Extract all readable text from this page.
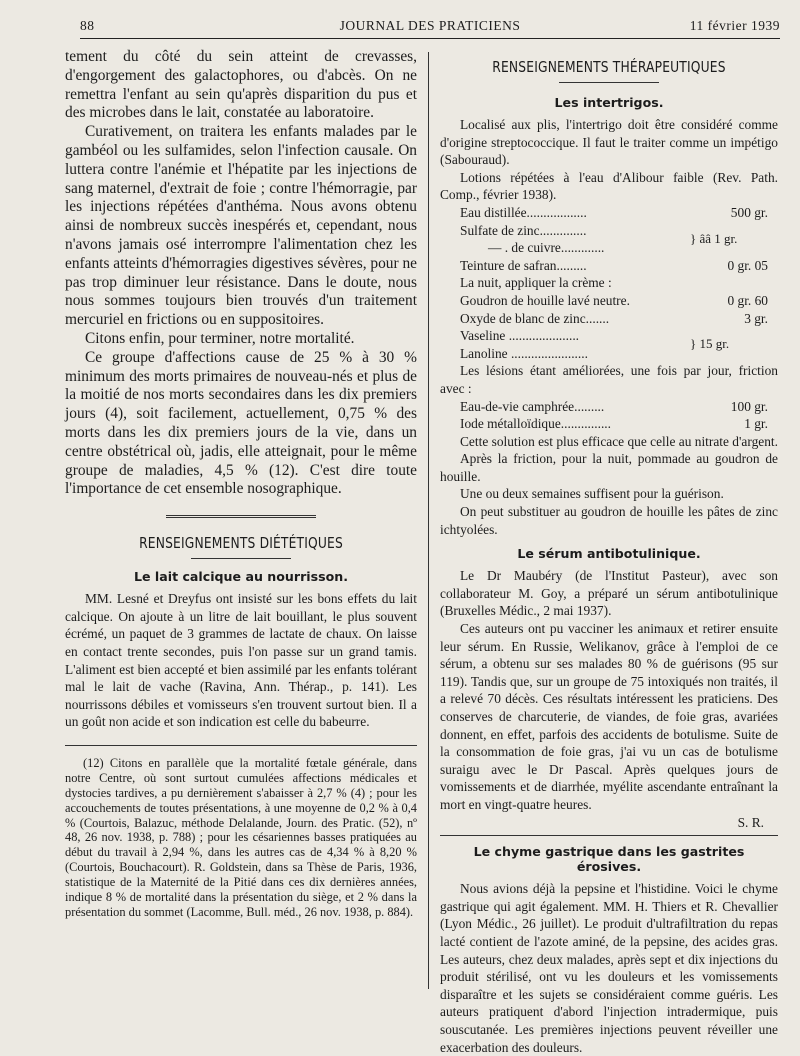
88	JOURNAL DES PRATICIENS	11 février 1939

tement du côté du sein atteint de crevasses, d'engorgement des galactophores, ou d'abcès. On ne remettra l'enfant au sein qu'après disparition du pus et des microbes dans le lait, constatée au laboratoire.

Curativement, on traitera les enfants malades par le gambéol ou les sulfamides, selon l'infection causale. On luttera contre l'anémie et l'hépatite par les injections de sang maternel, d'extrait de foie ; contre l'hémorragie, par les injections répétées d'anthéma. Nous avons obtenu ainsi de nombreux succès inespérés et, cependant, nous n'avons jamais osé interrompre l'alimentation chez les enfants atteints d'hémorragies digestives sévères, pour ne pas trop diminuer leur résistance. Dans le doute, nous nous sommes toujours bien trouvés d'un traitement mercuriel en frictions ou en suppositoires.

Citons enfin, pour terminer, notre mortalité.

Ce groupe d'affections cause de 25 % à 30 % minimum des morts primaires de nouveau-nés et plus de la moitié de nos morts secondaires dans les dix premiers jours (4), soit facilement, actuellement, 0,75 % des morts dans les dix premiers jours de la vie, dans un centre obstétrical où, jadis, elle atteignait, pour le même groupe de maladies, 4,5 % (12). C'est dire toute l'importance de cet ensemble nosographique.

RENSEIGNEMENTS DIÉTÉTIQUES
Le lait calcique au nourrisson.

MM. Lesné et Dreyfus ont insisté sur les bons effets du lait calcique. On ajoute à un litre de lait bouillant, le plus souvent écrémé, un paquet de 3 grammes de lactate de chaux. On laisse en contact trente secondes, puis l'on passe sur un grand tamis. L'aliment est bien accepté et bien assimilé par les enfants tolérant mal le lait de vache (Ravina, Ann. Thérap., p. 141). Les nourrissons débiles et vomisseurs s'en trouvent surtout bien. Il a un goût non acide et son indication est celle du babeurre.

(12) Citons en parallèle que la mortalité fœtale générale, dans notre Centre, où sont surtout cumulées affections médicales et dystocies tardives, a pu dernièrement s'abaisser à 2,7 % (4) ; pour les accouchements de toutes présentations, à une moyenne de 0,2 % à 0,4 % (Courtois, Balazuc, méthode Delalande, Journ. des Pratic. (52), nº 48, 26 nov. 1938, p. 788) ; pour les césariennes basses pratiquées au début du travail à 2,94 %, dans les autres cas de 4,34 % à 8,20 % (Courtois, Bouchacourt). R. Goldstein, dans sa Thèse de Paris, 1936, statistique de la Maternité de la Pitié dans ces dix dernières années, indique 8 % de mortalité dans la présentation du siège, et 2 % dans la présentation du sommet (Lacomme, Bull. méd., 26 nov. 1938, p. 884).

RENSEIGNEMENTS THÉRAPEUTIQUES
Les intertrigos.

Localisé aux plis, l'intertrigo doit être considéré comme d'origine streptococcique. Il faut le traiter comme un impétigo (Sabouraud).

Lotions répétées à l'eau d'Alibour faible (Rev. Path. Comp., février 1938).

Eau distillée..................	500 gr.
Sulfate de zinc..............
} ââ 1 gr.
— . de cuivre.............
Teinture de safran.........	0 gr. 05

La nuit, appliquer la crème :

Goudron de houille lavé neutre.	0 gr. 60
Oxyde de blanc de zinc.......	3 gr.
Vaseline .....................
} 15 gr.
Lanoline .......................

Les lésions étant améliorées, une fois par jour, friction avec :

Eau-de-vie camphrée.........	100 gr.
Iode métalloïdique...............	1 gr.

Cette solution est plus efficace que celle au nitrate d'argent.

Après la friction, pour la nuit, pommade au goudron de houille.

Une ou deux semaines suffisent pour la guérison.

On peut substituer au goudron de houille les pâtes de zinc ichtyolées.

Le sérum antibotulinique.

Le Dr Maubéry (de l'Institut Pasteur), avec son collaborateur M. Goy, a préparé un sérum antibotulinique (Bruxelles Médic., 2 mai 1937).

Ces auteurs ont pu vacciner les animaux et retirer ensuite leur sérum. En Russie, Welikanov, grâce à l'emploi de ce sérum, a obtenu sur ses malades 80 % de guérisons (95 sur 119). Tandis que, sur un groupe de 75 intoxiqués non traités, il a relevé 70 décès. Ces résultats intéressent les praticiens. Des conserves de charcuterie, de viandes, de foie gras, avariées donnent, en effet, parfois des accidents de botulisme. Suite de la consommation de foie gras, j'ai vu un cas de botulisme suraigu avec le Dr Pascal. Après quelques jours de vomissements et de diarrhée, myélite ascendante entraînant la mort en vingt-quatre heures.

S. R.

Le chyme gastrique dans les gastrites érosives.

Nous avions déjà la pepsine et l'histidine. Voici le chyme gastrique qui agit également. MM. H. Thiers et R. Chevallier (Lyon Médic., 26 juillet). Le produit d'ultrafiltration du repas lacté contient de l'azote aminé, de la pepsine, des acides gras. Les auteurs, chez deux malades, après sept et dix injections du produit stérilisé, ont vu les douleurs et les vomissements disparaître et les sujets se considéraient comme guéris. Les auteurs pratiquent d'abord l'injection intradermique, puis souscutanée. Les premières injections peuvent réveiller une exacerbation des douleurs.
